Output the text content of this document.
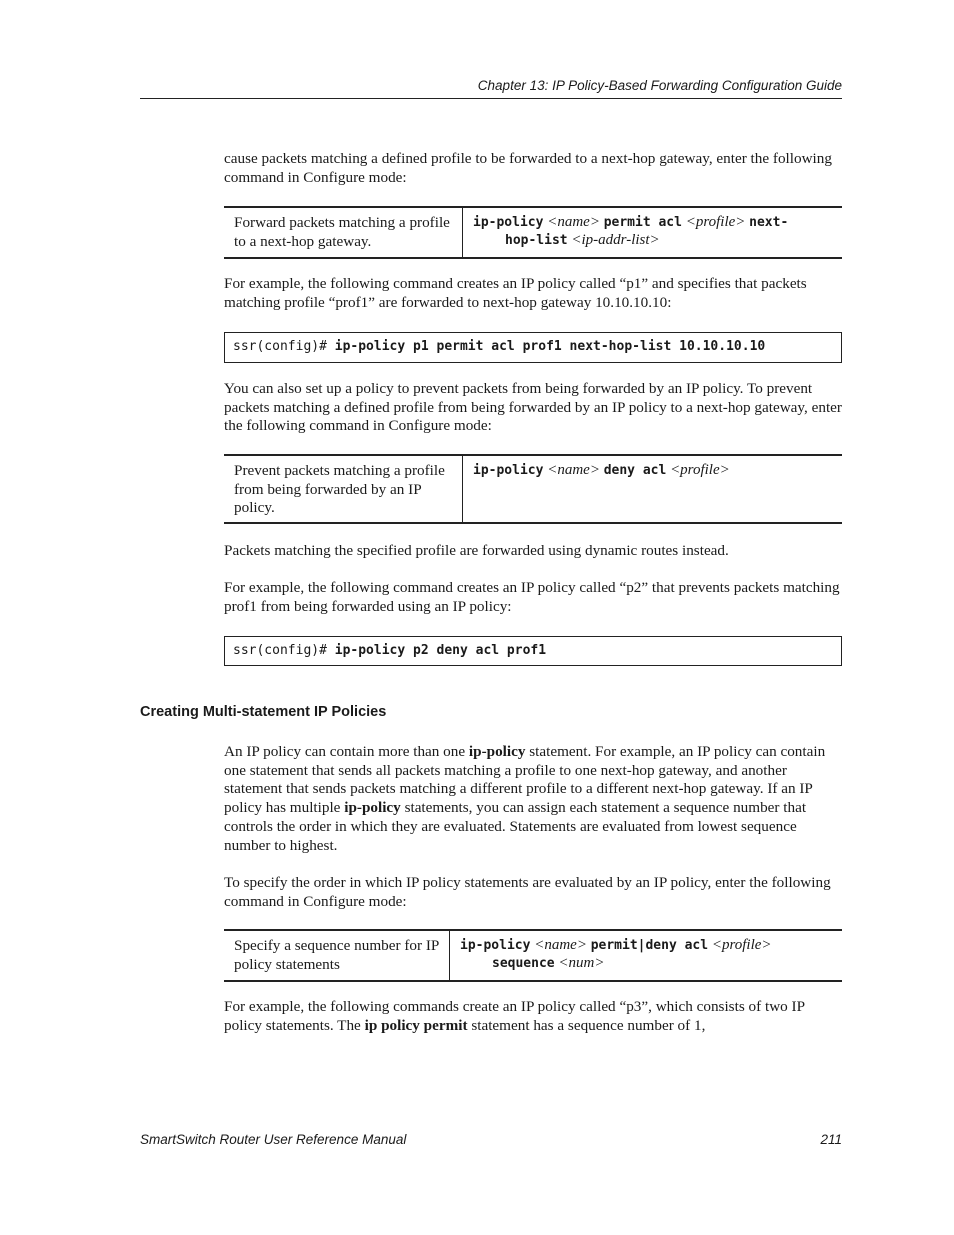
Chapter 13: IP Policy-Based Forwarding Configuration Guide

cause packets matching a defined profile to be forwarded to a next-hop gateway, enter the following command in Configure mode:

Forward packets matching a profile to a next-hop gateway.
ip-policy <name> permit acl <profile> next-
hop-list <ip-addr-list>

For example, the following command creates an IP policy called “p1” and specifies that packets matching profile “prof1” are forwarded to next-hop gateway 10.10.10.10:

ssr(config)# ip-policy p1 permit acl prof1 next-hop-list 10.10.10.10

You can also set up a policy to prevent packets from being forwarded by an IP policy. To prevent packets matching a defined profile from being forwarded by an IP policy to a next-hop gateway, enter the following command in Configure mode:

Prevent packets matching a profile from being forwarded by an IP policy.
ip-policy <name> deny acl <profile>

Packets matching the specified profile are forwarded using dynamic routes instead.

For example, the following command creates an IP policy called “p2” that prevents packets matching prof1 from being forwarded using an IP policy:

ssr(config)# ip-policy p2 deny acl prof1
Creating Multi-statement IP Policies

An IP policy can contain more than one ip-policy statement. For example, an IP policy can contain one statement that sends all packets matching a profile to one next-hop gateway, and another statement that sends packets matching a different profile to a different next-hop gateway. If an IP policy has multiple ip-policy statements, you can assign each statement a sequence number that controls the order in which they are evaluated. Statements are evaluated from lowest sequence number to highest.

To specify the order in which IP policy statements are evaluated by an IP policy, enter the following command in Configure mode:

Specify a sequence number for IP policy statements
ip-policy <name> permit|deny acl <profile>
sequence <num>

For example, the following commands create an IP policy called “p3”, which consists of two IP policy statements. The ip policy permit statement has a sequence number of 1,

SmartSwitch Router User Reference Manual	211
